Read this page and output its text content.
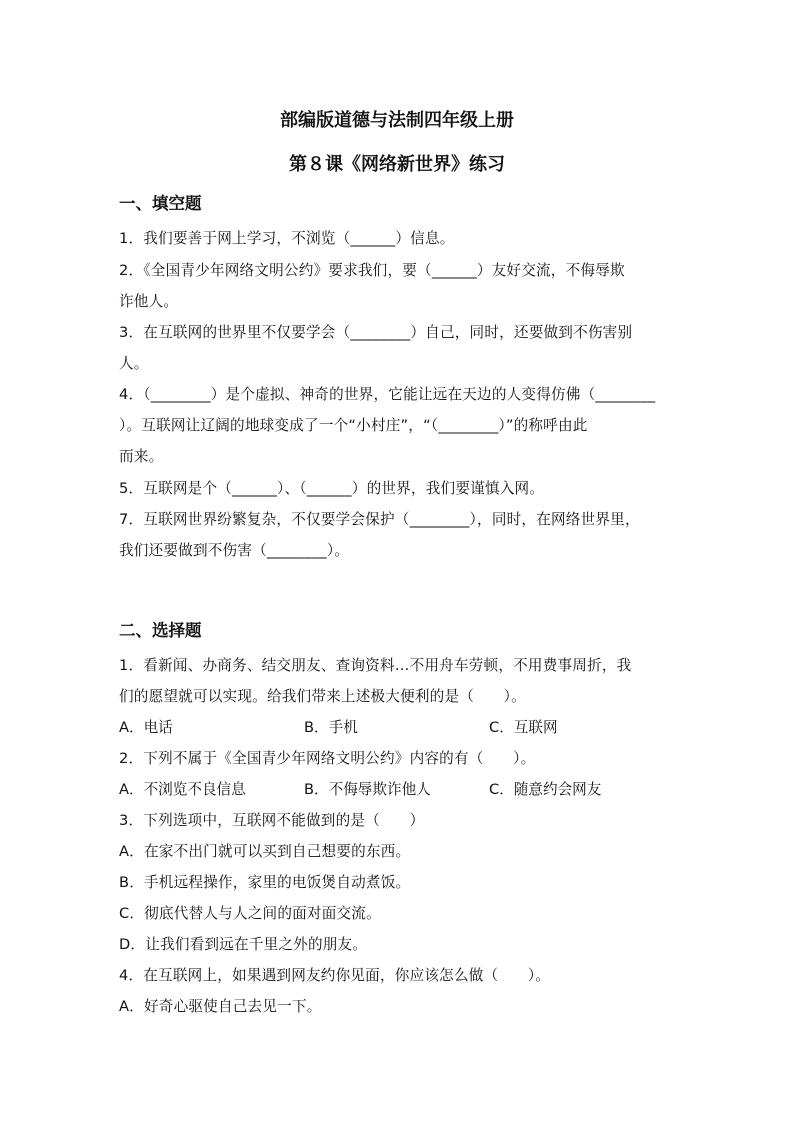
部编版道德与法制四年级上册
第８课《网络新世界》练习
一、填空题
1．我们要善于网上学习，不浏览（______）信息。
2．《全国青少年网络文明公约》要求我们，要（______）友好交流，不侮辱欺
诈他人。
3．在互联网的世界里不仅要学会（________）自己，同时，还要做到不伤害别
人。
4．（________）是个虚拟、神奇的世界，它能让远在天边的人变得仿佛（________
）。互联网让辽阔的地球变成了一个“小村庄”，“（________）”的称呼由此
而来。
5．互联网是个（______）、（______）的世界，我们要谨慎入网。
7．互联网世界纷繁复杂，不仅要学会保护（________），同时，在网络世界里，
我们还要做到不伤害（________）。
二、选择题
1．看新闻、办商务、结交朋友、查询资料…不用舟车劳顿，不用费事周折，我
们的愿望就可以实现。给我们带来上述极大便利的是（　　）。
A．电话	B．手机	C．互联网
2．下列不属于《全国青少年网络文明公约》内容的有（　　）。
A．不浏览不良信息	B．不侮辱欺诈他人	C．随意约会网友
3．下列选项中，互联网不能做到的是（　　）
A．在家不出门就可以买到自己想要的东西。
B．手机远程操作，家里的电饭煲自动煮饭。
C．彻底代替人与人之间的面对面交流。
D．让我们看到远在千里之外的朋友。
4．在互联网上，如果遇到网友约你见面，你应该怎么做（　　）。
A．好奇心驱使自己去见一下。
